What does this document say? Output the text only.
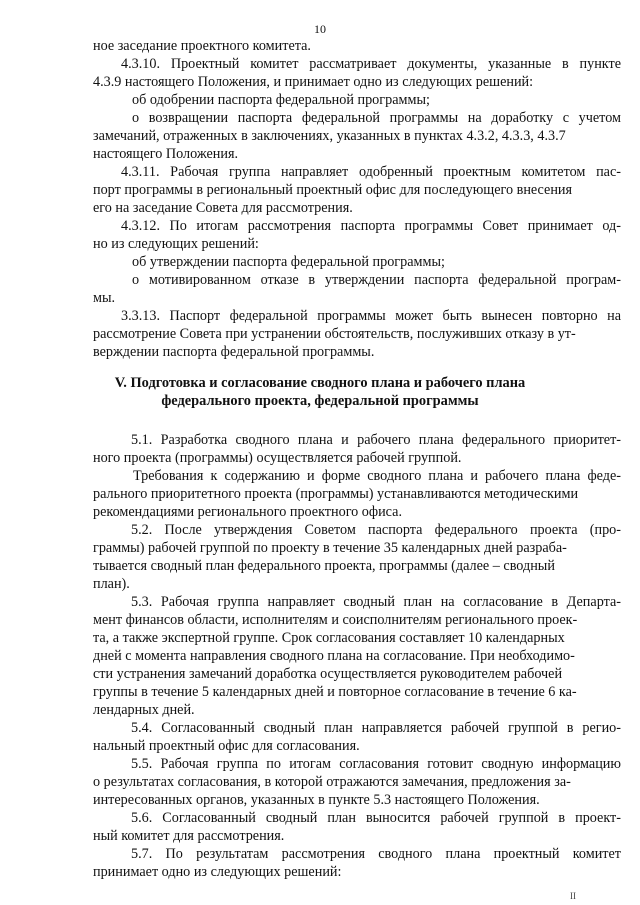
10
ное заседание проектного комитета.
4.3.10. Проектный комитет рассматривает документы, указанные в пункте
4.3.9 настоящего Положения, и принимает одно из следующих решений:
об одобрении паспорта федеральной программы;
о возвращении паспорта федеральной программы на доработку с учетом
замечаний, отраженных в заключениях, указанных в пунктах 4.3.2, 4.3.3, 4.3.7
настоящего Положения.
4.3.11. Рабочая группа направляет одобренный проектным комитетом пас-
порт программы в региональный проектный офис для последующего внесения
его на заседание Совета для рассмотрения.
4.3.12. По итогам рассмотрения паспорта программы Совет принимает од-
но из следующих решений:
об утверждении паспорта федеральной программы;
о мотивированном отказе в утверждении паспорта федеральной програм-
мы.
3.3.13. Паспорт федеральной программы может быть вынесен повторно на
рассмотрение Совета при устранении обстоятельств, послуживших отказу в ут-
верждении паспорта федеральной программы.
V. Подготовка и согласование сводного плана и рабочего плана
федерального проекта, федеральной программы
5.1. Разработка сводного плана и рабочего плана федерального приоритет-
ного проекта (программы) осуществляется рабочей группой.
Требования к содержанию и форме сводного плана и рабочего плана феде-
рального приоритетного проекта (программы) устанавливаются методическими
рекомендациями регионального проектного офиса.
5.2. После утверждения Советом паспорта федерального проекта (про-
граммы) рабочей группой по проекту в течение 35 календарных дней разраба-
тывается сводный план федерального проекта, программы (далее – сводный
план).
5.3. Рабочая группа направляет сводный план на согласование в Департа-
мент финансов области, исполнителям и соисполнителям регионального проек-
та, а также экспертной группе. Срок согласования составляет 10 календарных
дней с момента направления сводного плана на согласование. При необходимо-
сти устранения замечаний доработка осуществляется руководителем рабочей
группы в течение 5 календарных дней и повторное согласование в течение 6 ка-
лендарных дней.
5.4. Согласованный сводный план направляется рабочей группой в регио-
нальный проектный офис для согласования.
5.5. Рабочая группа по итогам согласования готовит сводную информацию
о результатах согласования, в которой отражаются замечания, предложения за-
интересованных органов, указанных в пункте 5.3 настоящего Положения.
5.6. Согласованный сводный план выносится рабочей группой в проект-
ный комитет для рассмотрения.
5.7. По результатам рассмотрения сводного плана проектный комитет
принимает одно из следующих решений:
II
